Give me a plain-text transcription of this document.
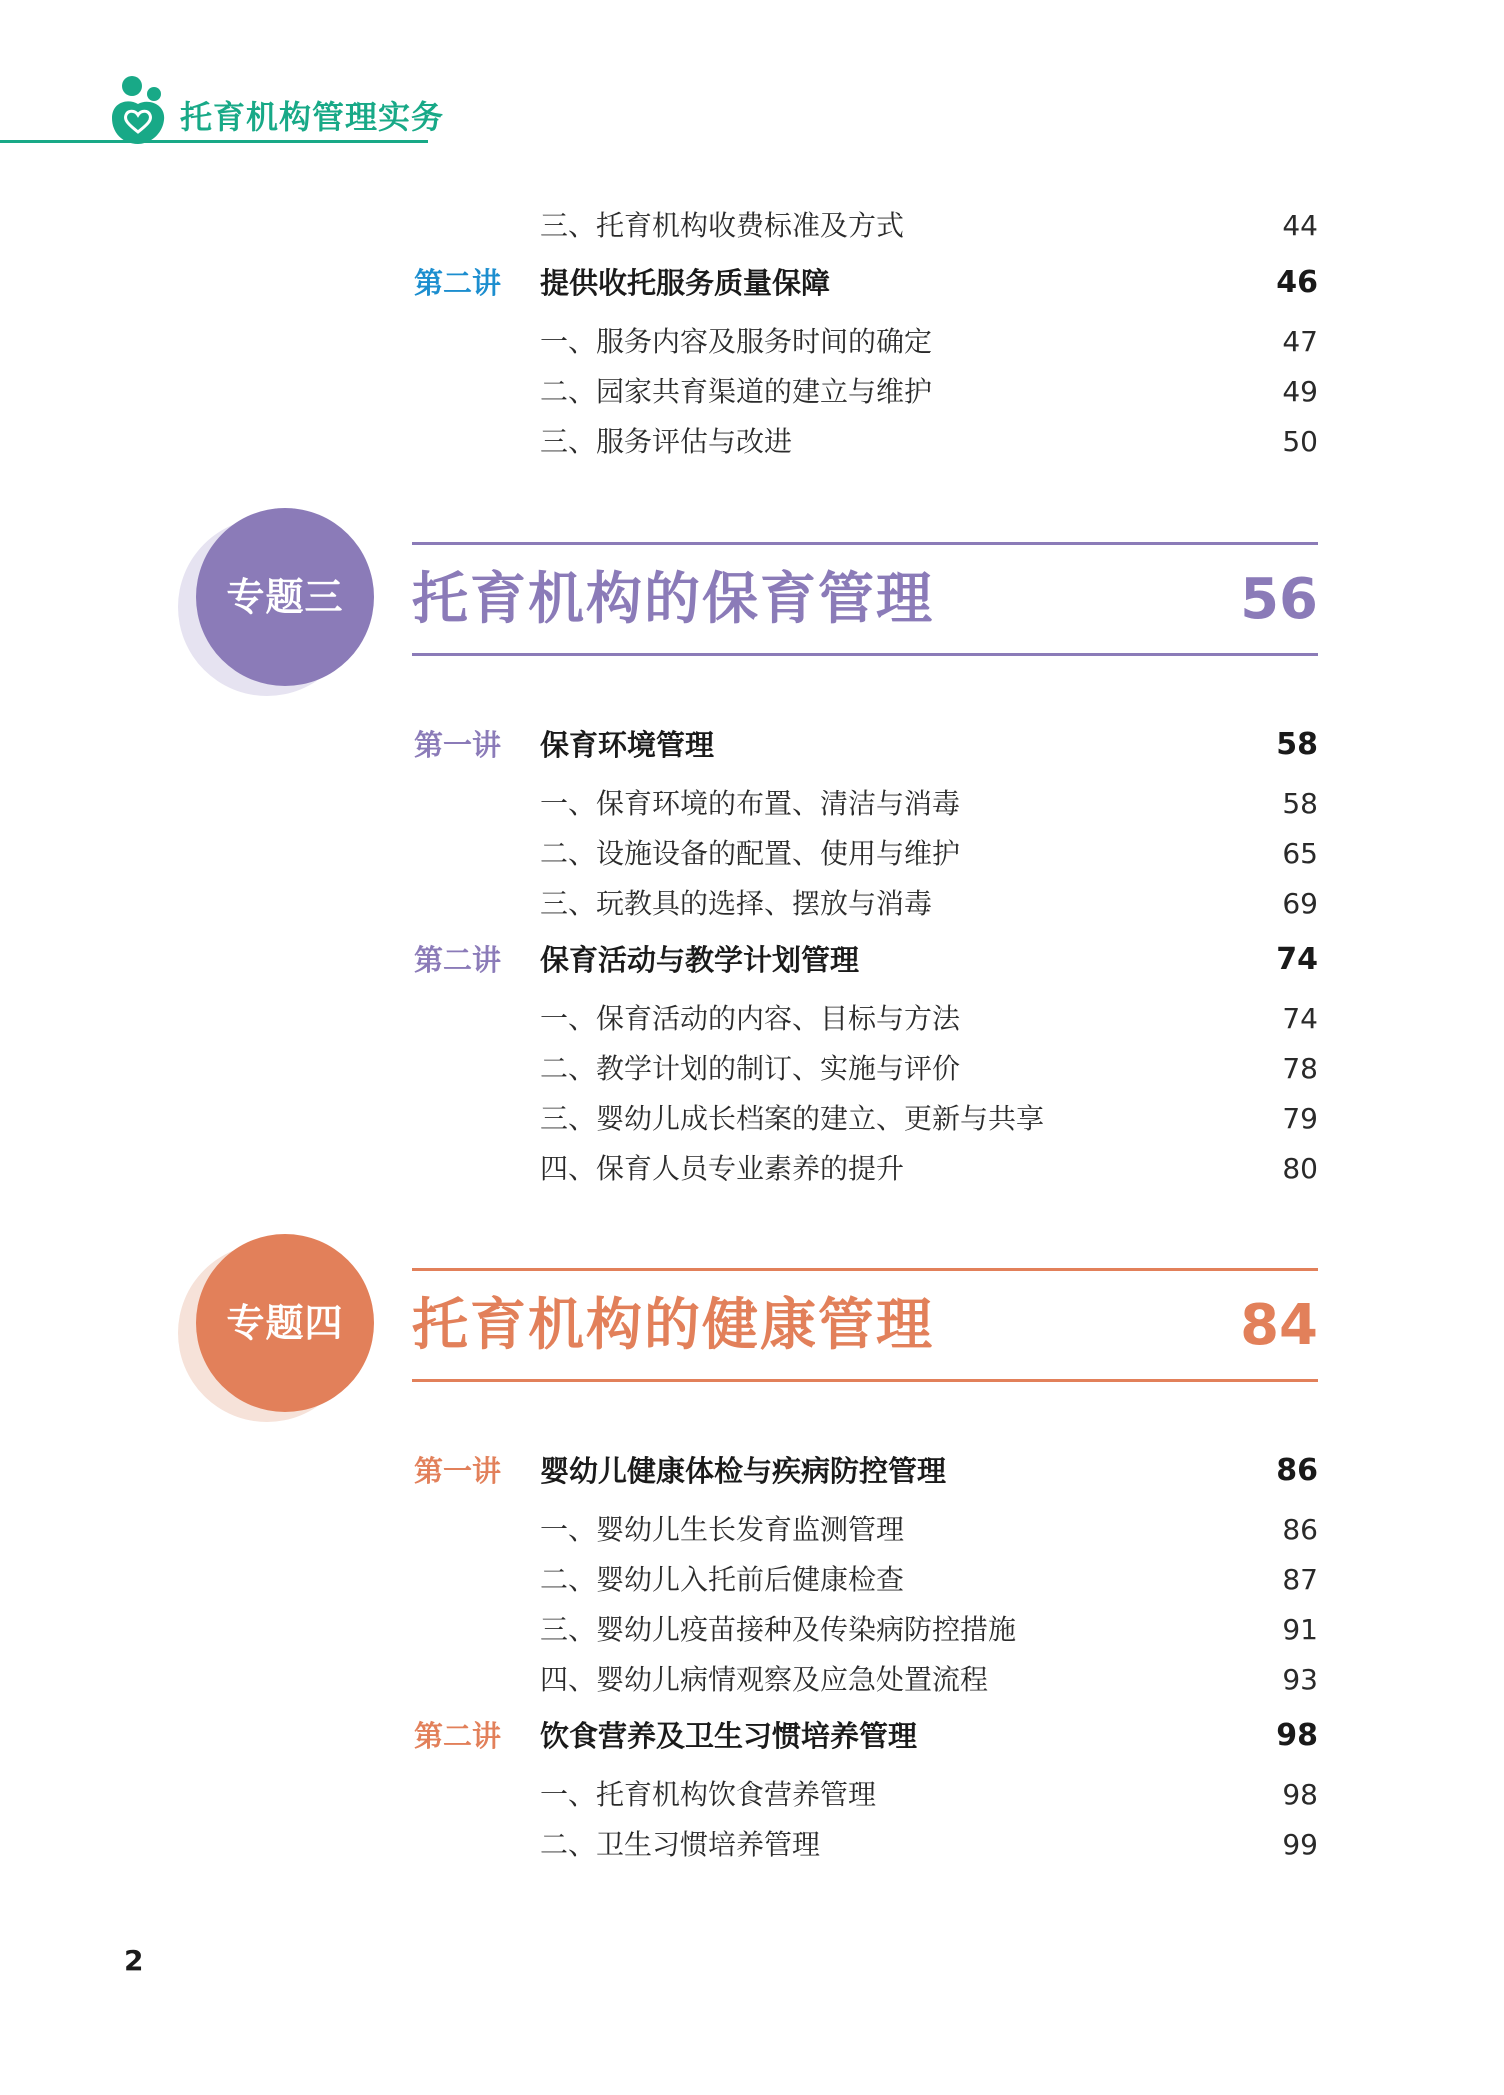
托育机构管理实务
三、托育机构收费标准及方式	44
第二讲 提供收托服务质量保障	46
一、服务内容及服务时间的确定	47
二、园家共育渠道的建立与维护	49
三、服务评估与改进	50
专题三	托育机构的保育管理	56
第一讲 保育环境管理	58
一、保育环境的布置、清洁与消毒	58
二、设施设备的配置、使用与维护	65
三、玩教具的选择、摆放与消毒	69
第二讲 保育活动与教学计划管理	74
一、保育活动的内容、目标与方法	74
二、教学计划的制订、实施与评价	78
三、婴幼儿成长档案的建立、更新与共享	79
四、保育人员专业素养的提升	80
专题四	托育机构的健康管理	84
第一讲 婴幼儿健康体检与疾病防控管理	86
一、婴幼儿生长发育监测管理	86
二、婴幼儿入托前后健康检查	87
三、婴幼儿疫苗接种及传染病防控措施	91
四、婴幼儿病情观察及应急处置流程	93
第二讲 饮食营养及卫生习惯培养管理	98
一、托育机构饮食营养管理	98
二、卫生习惯培养管理	99
2
